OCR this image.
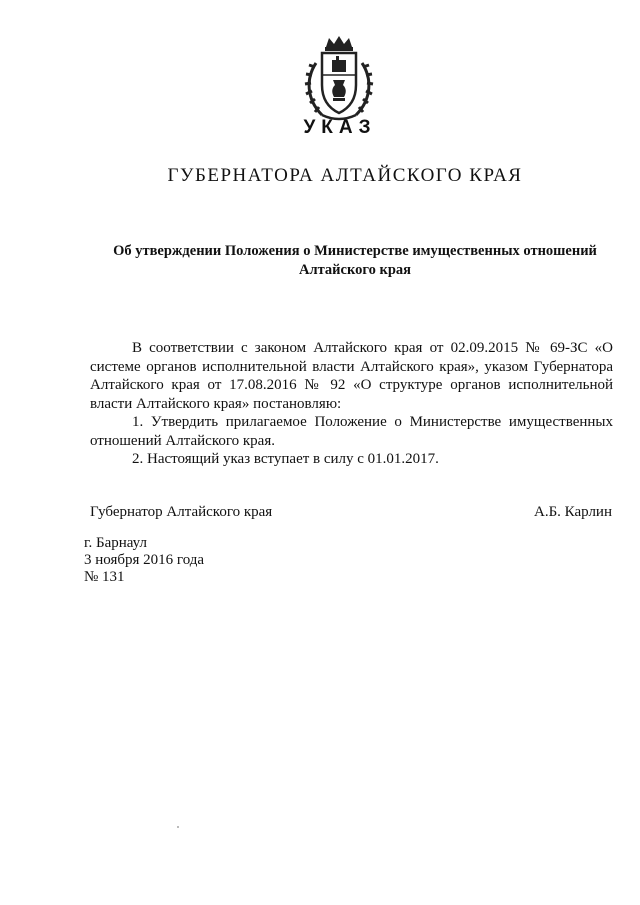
УКАЗ
ГУБЕРНАТОРА АЛТАЙСКОГО КРАЯ
Об утверждении Положения о Министерстве имущественных отношений Алтайского края

В соответствии с законом Алтайского края от 02.09.2015 № 69-ЗС «О системе органов исполнительной власти Алтайского края», указом Губернатора Алтайского края от 17.08.2016 № 92 «О структуре органов исполнительной власти Алтайского края» постановляю:

1. Утвердить прилагаемое Положение о Министерстве имущественных отношений Алтайского края.

2. Настоящий указ вступает в силу с 01.01.2017.

Губернатор Алтайского края	А.Б. Карлин
г. Барнаул
3 ноября 2016 года
№ 131
